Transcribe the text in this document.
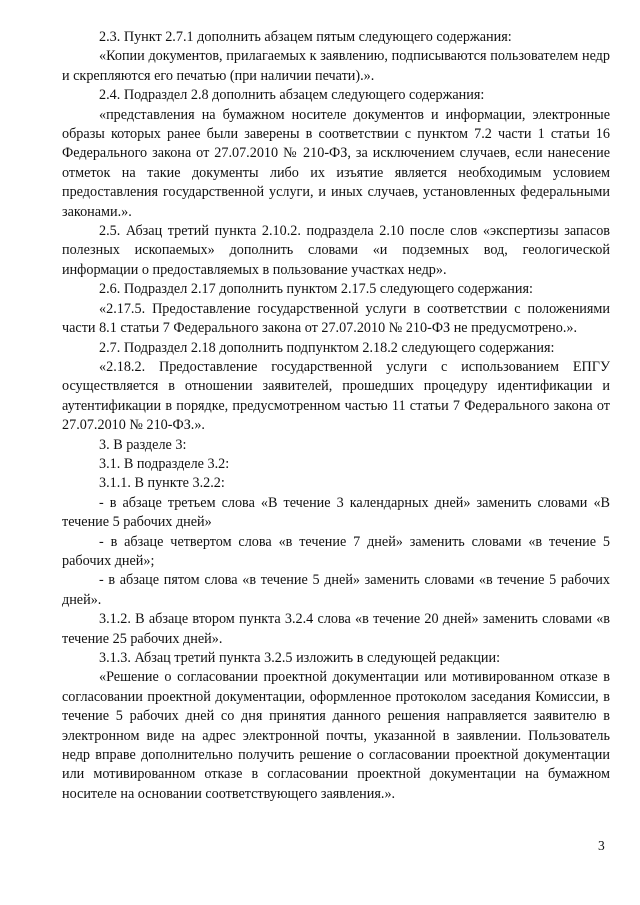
2.3. Пункт 2.7.1 дополнить абзацем пятым следующего содержания:

«Копии документов, прилагаемых к заявлению, подписываются пользователем недр и скрепляются его печатью (при наличии печати).».

2.4. Подраздел 2.8 дополнить абзацем следующего содержания:

«представления на бумажном носителе документов и информации, электронные образы которых ранее были заверены в соответствии с пунктом 7.2 части 1 статьи 16 Федерального закона от 27.07.2010 № 210-ФЗ, за исключением случаев, если нанесение отметок на такие документы либо их изъятие является необходимым условием предоставления государственной услуги, и иных случаев, установленных федеральными законами.».

2.5. Абзац третий пункта 2.10.2. подраздела 2.10 после слов «экспертизы запасов полезных ископаемых» дополнить словами «и подземных вод, геологической информации о предоставляемых в пользование участках недр».

2.6. Подраздел 2.17 дополнить пунктом 2.17.5 следующего содержания:

«2.17.5. Предоставление государственной услуги в соответствии с положениями части 8.1 статьи 7 Федерального закона от 27.07.2010 № 210-ФЗ не предусмотрено.».

2.7. Подраздел 2.18 дополнить подпунктом 2.18.2 следующего содержания:

«2.18.2. Предоставление государственной услуги с использованием ЕПГУ осуществляется в отношении заявителей, прошедших процедуру идентификации и аутентификации в порядке, предусмотренном частью 11 статьи 7 Федерального закона от 27.07.2010 № 210-ФЗ.».

3. В разделе 3:

3.1. В подразделе 3.2:

3.1.1. В пункте 3.2.2:

- в абзаце третьем слова «В течение 3 календарных дней» заменить словами «В течение 5 рабочих дней»

- в абзаце четвертом слова «в течение 7 дней» заменить словами «в течение 5 рабочих дней»;

- в абзаце пятом слова «в течение 5 дней» заменить словами «в течение 5 рабочих дней».

3.1.2. В абзаце втором пункта 3.2.4 слова «в течение 20 дней» заменить словами «в течение 25 рабочих дней».

3.1.3. Абзац третий пункта 3.2.5 изложить в следующей редакции:

«Решение о согласовании проектной документации или мотивированном отказе в согласовании проектной документации, оформленное протоколом заседания Комиссии, в течение 5 рабочих дней со дня принятия данного решения направляется заявителю в электронном виде на адрес электронной почты, указанной в заявлении. Пользователь недр вправе дополнительно получить решение о согласовании проектной документации или мотивированном отказе в согласовании проектной документации на бумажном носителе на основании соответствующего заявления.».

3
